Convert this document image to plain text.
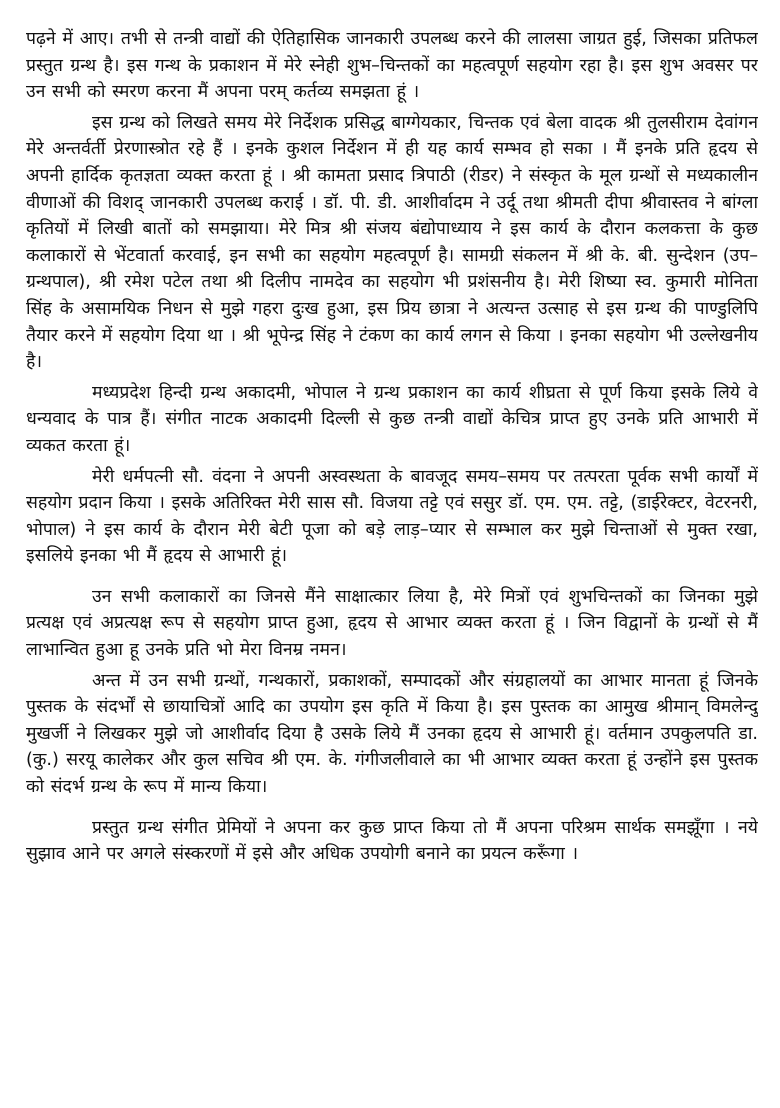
पढ़ने में आए। तभी से तन्त्री वाद्यों की ऐतिहासिक जानकारी उपलब्ध करने की लालसा जाग्रत हुई, जिसका प्रतिफल प्रस्तुत ग्रन्थ है। इस गन्थ के प्रकाशन में मेरे स्नेही शुभ–चिन्तकों का महत्वपूर्ण सहयोग रहा है। इस शुभ अवसर पर उन सभी को स्मरण करना मैं अपना परम् कर्तव्य समझता हूं ।

इस ग्रन्थ को लिखते समय मेरे निर्देशक प्रसिद्ध बाग्गेयकार, चिन्तक एवं बेला वादक श्री तुलसीराम देवांगन मेरे अन्तर्वर्ती प्रेरणास्त्रोत रहे हैं । इनके कुशल निर्देशन में ही यह कार्य सम्भव हो सका । मैं इनके प्रति हृदय से अपनी हार्दिक कृतज्ञता व्यक्त करता हूं । श्री कामता प्रसाद त्रिपाठी (रीडर) ने संस्कृत के मूल ग्रन्थों से मध्यकालीन वीणाओं की विशद् जानकारी उपलब्ध कराई । डॉ. पी. डी. आशीर्वादम ने उर्दू तथा श्रीमती दीपा श्रीवास्तव ने बांग्ला कृतियों में लिखी बातों को समझाया। मेरे मित्र श्री संजय बंद्योपाध्याय ने इस कार्य के दौरान कलकत्ता के कुछ कलाकारों से भेंटवार्ता करवाई, इन सभी का सहयोग महत्वपूर्ण है। सामग्री संकलन में श्री के. बी. सुन्देशन (उप–ग्रन्थपाल), श्री रमेश पटेल तथा श्री दिलीप नामदेव का सहयोग भी प्रशंसनीय है। मेरी शिष्या स्व. कुमारी मोनिता सिंह के असामयिक निधन से मुझे गहरा दुःख हुआ, इस प्रिय छात्रा ने अत्यन्त उत्साह से इस ग्रन्थ की पाण्डुलिपि तैयार करने में सहयोग दिया था । श्री भूपेन्द्र सिंह ने टंकण का कार्य लगन से किया । इनका सहयोग भी उल्लेखनीय है।

मध्यप्रदेश हिन्दी ग्रन्थ अकादमी, भोपाल ने ग्रन्थ प्रकाशन का कार्य शीघ्रता से पूर्ण किया इसके लिये वे धन्यवाद के पात्र हैं। संगीत नाटक अकादमी दिल्ली से कुछ तन्त्री वाद्यों केचित्र प्राप्त हुए उनके प्रति आभारी में व्यकत करता हूं।

मेरी धर्मपत्नी सौ. वंदना ने अपनी अस्वस्थता के बावजूद समय–समय पर तत्परता पूर्वक सभी कार्यों में सहयोग प्रदान किया । इसके अतिरिक्त मेरी सास सौ. विजया तट्टे एवं ससुर डॉ. एम. एम. तट्टे, (डाईरेक्टर, वेटरनरी, भोपाल) ने इस कार्य के दौरान मेरी बेटी पूजा को बड़े लाड़–प्यार से सम्भाल कर मुझे चिन्ताओं से मुक्त रखा, इसलिये इनका भी मैं हृदय से आभारी हूं।

उन सभी कलाकारों का जिनसे मैंने साक्षात्कार लिया है, मेरे मित्रों एवं शुभचिन्तकों का जिनका मुझे प्रत्यक्ष एवं अप्रत्यक्ष रूप से सहयोग प्राप्त हुआ, हृदय से आभार व्यक्त करता हूं । जिन विद्वानों के ग्रन्थों से मैं लाभान्वित हुआ हू उनके प्रति भो मेरा विनम्र नमन।

अन्त में उन सभी ग्रन्थों, गन्थकारों, प्रकाशकों, सम्पादकों और संग्रहालयों का आभार मानता हूं जिनके पुस्तक के संदर्भों से छायाचित्रों आदि का उपयोग इस कृति में किया है। इस पुस्तक का आमुख श्रीमान् विमलेन्दु मुखर्जी ने लिखकर मुझे जो आशीर्वाद दिया है उसके लिये मैं उनका हृदय से आभारी हूं। वर्तमान उपकुलपति डा. (कु.) सरयू कालेकर और कुल सचिव श्री एम. के. गंगीजलीवाले का भी आभार व्यक्त करता हूं उन्होंने इस पुस्तक को संदर्भ ग्रन्थ के रूप में मान्य किया।

प्रस्तुत ग्रन्थ संगीत प्रेमियों ने अपना कर कुछ प्राप्त किया तो मैं अपना परिश्रम सार्थक समझूँगा । नये सुझाव आने पर अगले संस्करणों में इसे और अधिक उपयोगी बनाने का प्रयत्न करूँगा ।
